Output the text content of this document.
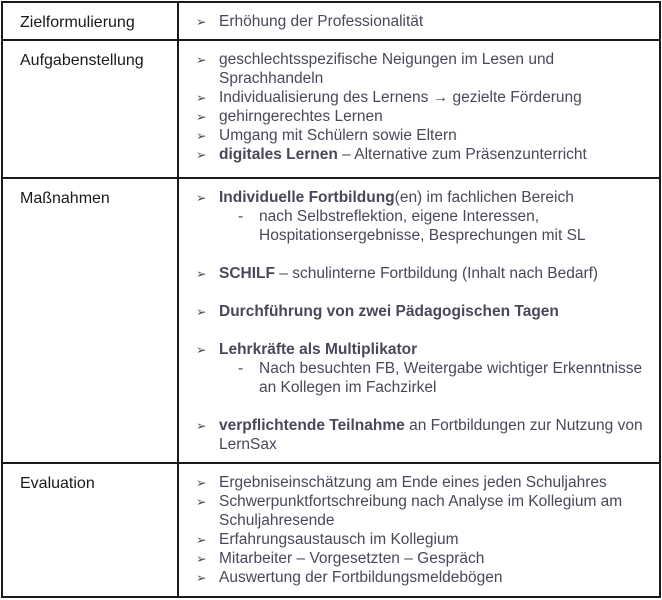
Zielformulierung	➢ Erhöhung der Professionalität
Aufgabenstellung	➢ geschlechtsspezifische Neigungen im Lesen und Sprachhandeln
➢ Individualisierung des Lernens → gezielte Förderung
➢ gehirngerechtes Lernen
➢ Umgang mit Schülern sowie Eltern
➢ digitales Lernen – Alternative zum Präsenzunterricht
Maßnahmen	➢ Individuelle Fortbildung(en) im fachlichen Bereich
-	nach Selbstreflektion, eigene Interessen, Hospitationsergebnisse, Besprechungen mit SL
➢ SCHILF – schulinterne Fortbildung (Inhalt nach Bedarf)
➢ Durchführung von zwei Pädagogischen Tagen
➢ Lehrkräfte als Multiplikator
-	Nach besuchten FB, Weitergabe wichtiger Erkenntnisse an Kollegen im Fachzirkel
➢ verpflichtende Teilnahme an Fortbildungen zur Nutzung von LernSax
Evaluation	➢ Ergebniseinschätzung am Ende eines jeden Schuljahres
➢ Schwerpunktfortschreibung nach Analyse im Kollegium am Schuljahresende
➢ Erfahrungsaustausch im Kollegium
➢ Mitarbeiter – Vorgesetzten – Gespräch
➢ Auswertung der Fortbildungsmeldebögen
